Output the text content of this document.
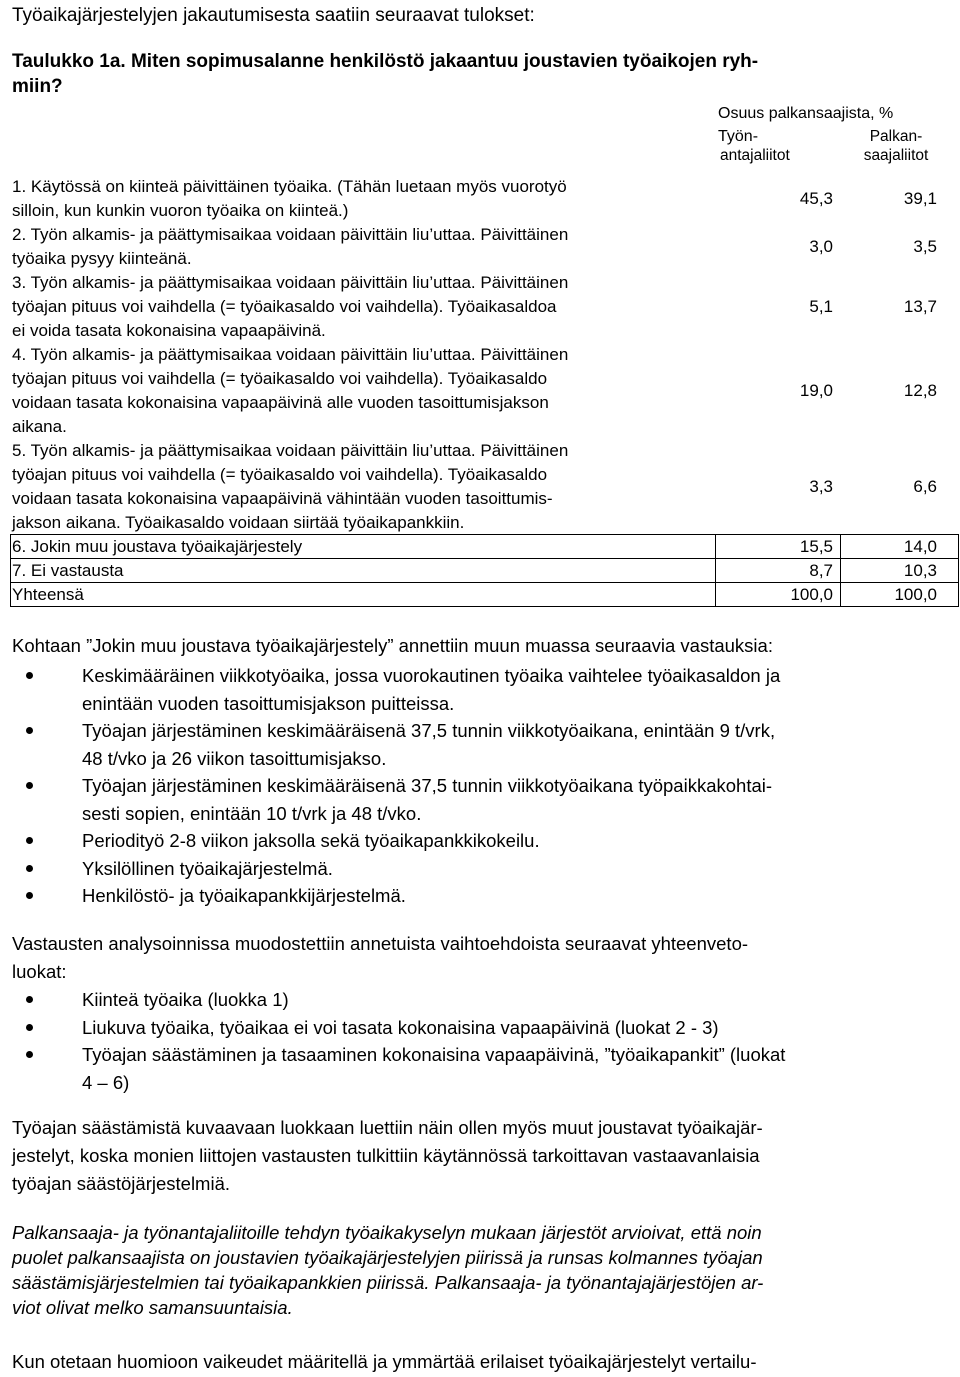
Työaikajärjestelyjen jakautumisesta saatiin seuraavat tulokset:
Taulukko 1a. Miten sopimusalanne henkilöstö jakaantuu joustavien työaikojen ryh-
miin?
Osuus palkansaajista, %
Työn-
antajaliitot
Palkan-
saajaliitot
1. Käytössä on kiinteä päivittäinen työaika. (Tähän luetaan myös vuorotyö
silloin, kun kunkin vuoron työaika on kiinteä.)
45,3	39,1
2. Työn alkamis- ja päättymisaikaa voidaan päivittäin liu’uttaa. Päivittäinen
työaika pysyy kiinteänä.
3,0	3,5
3. Työn alkamis- ja päättymisaikaa voidaan päivittäin liu’uttaa. Päivittäinen
työajan pituus voi vaihdella (= työaikasaldo voi vaihdella). Työaikasaldoa
ei voida tasata kokonaisina vapaapäivinä.
5,1	13,7
4. Työn alkamis- ja päättymisaikaa voidaan päivittäin liu’uttaa. Päivittäinen
työajan pituus voi vaihdella (= työaikasaldo voi vaihdella). Työaikasaldo
voidaan tasata kokonaisina vapaapäivinä alle vuoden tasoittumisjakson
aikana.
19,0	12,8
5. Työn alkamis- ja päättymisaikaa voidaan päivittäin liu’uttaa. Päivittäinen
työajan pituus voi vaihdella (= työaikasaldo voi vaihdella). Työaikasaldo
voidaan tasata kokonaisina vapaapäivinä vähintään vuoden tasoittumis-
jakson aikana. Työaikasaldo voidaan siirtää työaikapankkiin.
3,3	6,6
6. Jokin muu joustava työaikajärjestely	15,5	14,0
7. Ei vastausta	8,7	10,3
Yhteensä	100,0	100,0
Kohtaan ”Jokin muu joustava työaikajärjestely” annettiin muun muassa seuraavia vastauksia:
Keskimääräinen viikkotyöaika, jossa vuorokautinen työaika vaihtelee työaikasaldon ja
enintään vuoden tasoittumisjakson puitteissa.
Työajan järjestäminen keskimääräisenä 37,5 tunnin viikkotyöaikana, enintään 9 t/vrk,
48 t/vko ja 26 viikon tasoittumisjakso.
Työajan järjestäminen keskimääräisenä 37,5 tunnin viikkotyöaikana työpaikkakohtai-
sesti sopien, enintään 10 t/vrk ja 48 t/vko.
Periodityö 2-8 viikon jaksolla sekä työaikapankkikokeilu.
Yksilöllinen työaikajärjestelmä.
Henkilöstö- ja työaikapankkijärjestelmä.
Vastausten analysoinnissa muodostettiin annetuista vaihtoehdoista seuraavat yhteenveto-
luokat:
Kiinteä työaika (luokka 1)
Liukuva työaika, työaikaa ei voi tasata kokonaisina vapaapäivinä (luokat 2 - 3)
Työajan säästäminen ja tasaaminen kokonaisina vapaapäivinä, ”työaikapankit” (luokat
4 – 6)
Työajan säästämistä kuvaavaan luokkaan luettiin näin ollen myös muut joustavat työaikajär-
jestelyt, koska monien liittojen vastausten tulkittiin käytännössä tarkoittavan vastaavanlaisia
työajan säästöjärjestelmiä.
Palkansaaja- ja työnantajaliitoille tehdyn työaikakyselyn mukaan järjestöt arvioivat, että noin
puolet palkansaajista on joustavien työaikajärjestelyjen piirissä ja runsas kolmannes työajan
säästämisjärjestelmien tai työaikapankkien piirissä. Palkansaaja- ja työnantajajärjestöjen ar-
viot olivat melko samansuuntaisia.
Kun otetaan huomioon vaikeudet määritellä ja ymmärtää erilaiset työaikajärjestelyt vertailu-
